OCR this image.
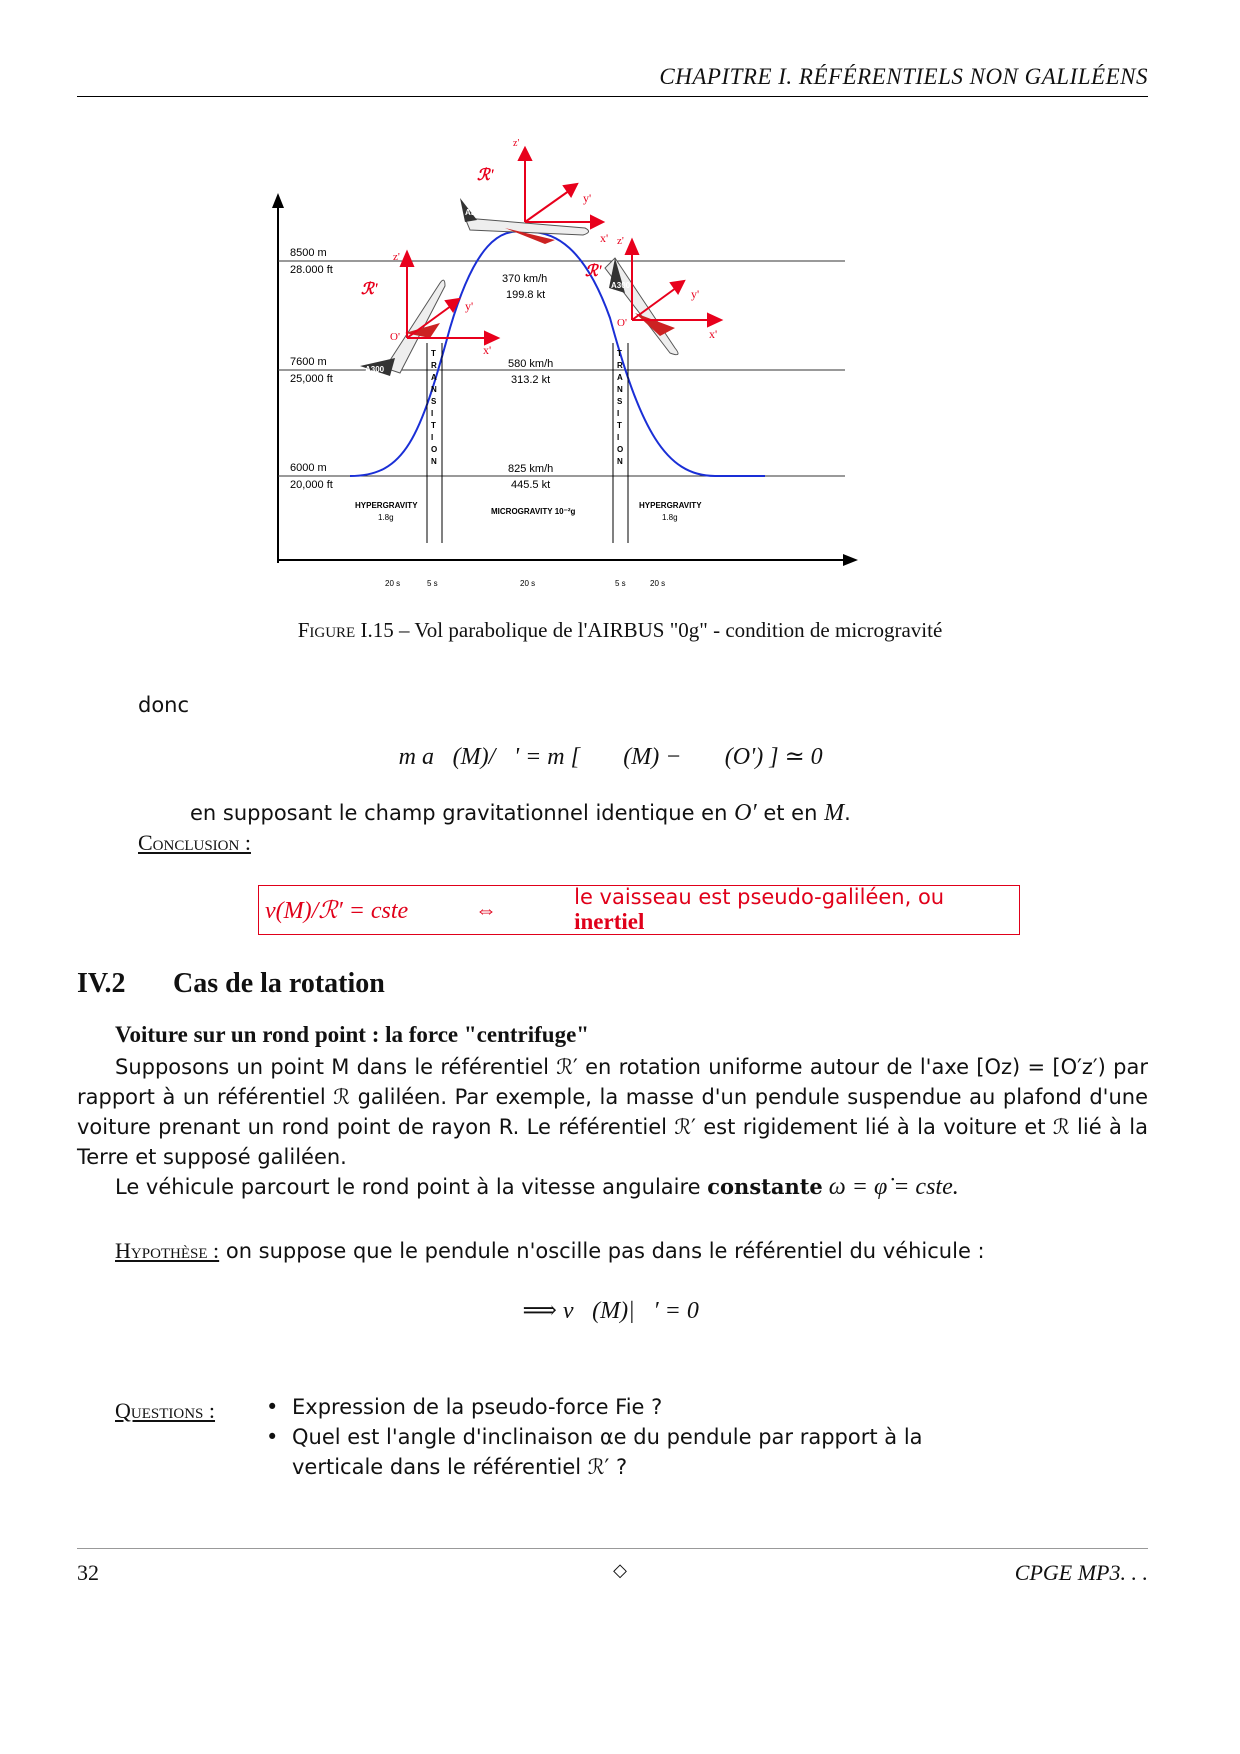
CHAPITRE I. RÉFÉRENTIELS NON GALILÉENS
8500 m
28.000 ft
7600 m
25,000 ft
6000 m
20,000 ft
T
R
A
N
S
I
T
I
O
N
T
R
A
N
S
I
T
I
O
N
370 km/h
199.8 kt
580 km/h
313.2 kt
825 km/h
445.5 kt
HYPERGRAVITY
1.8g
MICROGRAVITY 10⁻²g
HYPERGRAVITY
1.8g
20 s	5 s	20 s	5 s	20 s
A300
A300
A300
z'
y'
x'
ℛ'
z'
y'
x'
O'
ℛ'
z'
y'
x'
O'
ℛ'
Figure I.15 – Vol parabolique de l'AIRBUS "0g" - condition de microgravité
donc
m a⃗(M)/ℛ' = m [ 𝒢⃗(M) − 𝒢⃗(O') ] ≃ 0⃗
en supposant le champ gravitationnel identique en O′ et en M.
Conclusion :
v(M)/ℛ′ = cste	⇔	le vaisseau est pseudo-galiléen, ou inertiel
IV.2 Cas de la rotation
Voiture sur un rond point : la force "centrifuge"

Supposons un point M dans le référentiel ℛ′ en rotation uniforme autour de l'axe [Oz) = [O′z′) par rapport à un référentiel ℛ galiléen. Par exemple, la masse d'un pendule suspendue au plafond d'une voiture prenant un rond point de rayon R. Le référentiel ℛ′ est rigidement lié à la voiture et ℛ lié à la Terre et supposé galiléen.

Le véhicule parcourt le rond point à la vitesse angulaire constante ω = φ̇ = cste.

Hypothèse : on suppose que le pendule n'oscille pas dans le référentiel du véhicule :
⟹ v⃗(M)|ℛ′ = 0⃗
Questions :
•	Expression de la pseudo-force Fie ?
• Quel est l'angle d'inclinaison αe du pendule par rapport à la verticale dans le référentiel ℛ′ ?
32	◇	CPGE MP3. . .
